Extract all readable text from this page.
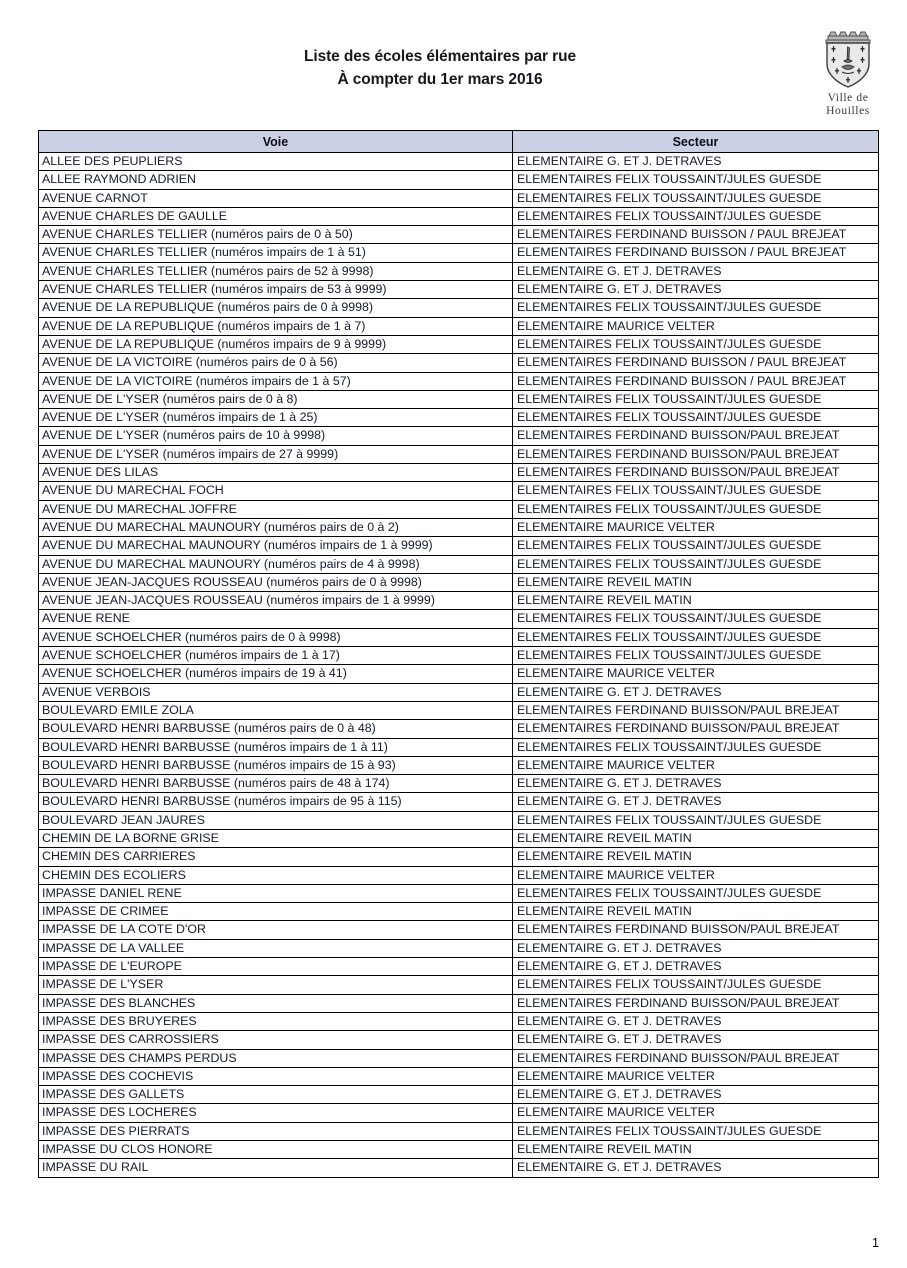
Liste des écoles élémentaires par rue
À compter du 1er mars 2016
Ville de
Houilles
Voie	Secteur
ALLEE DES PEUPLIERS	ELEMENTAIRE G. ET J. DETRAVES
ALLEE RAYMOND ADRIEN	ELEMENTAIRES FELIX TOUSSAINT/JULES GUESDE
AVENUE CARNOT	ELEMENTAIRES FELIX TOUSSAINT/JULES GUESDE
AVENUE CHARLES DE GAULLE	ELEMENTAIRES FELIX TOUSSAINT/JULES GUESDE
AVENUE CHARLES TELLIER (numéros pairs de 0 à 50)	ELEMENTAIRES FERDINAND BUISSON / PAUL BREJEAT
AVENUE CHARLES TELLIER (numéros impairs de 1 à 51)	ELEMENTAIRES FERDINAND BUISSON / PAUL BREJEAT
AVENUE CHARLES TELLIER (numéros pairs de 52 à 9998)	ELEMENTAIRE G. ET J. DETRAVES
AVENUE CHARLES TELLIER (numéros impairs de 53 à 9999)	ELEMENTAIRE G. ET J. DETRAVES
AVENUE DE LA REPUBLIQUE (numéros pairs de 0 à 9998)	ELEMENTAIRES FELIX TOUSSAINT/JULES GUESDE
AVENUE DE LA REPUBLIQUE (numéros impairs de 1 à 7)	ELEMENTAIRE MAURICE VELTER
AVENUE DE LA REPUBLIQUE (numéros impairs de 9 à 9999)	ELEMENTAIRES FELIX TOUSSAINT/JULES GUESDE
AVENUE DE LA VICTOIRE (numéros pairs de 0 à 56)	ELEMENTAIRES FERDINAND BUISSON / PAUL BREJEAT
AVENUE DE LA VICTOIRE (numéros impairs de 1 à 57)	ELEMENTAIRES FERDINAND BUISSON / PAUL BREJEAT
AVENUE DE L'YSER (numéros pairs de 0 à 8)	ELEMENTAIRES FELIX TOUSSAINT/JULES GUESDE
AVENUE DE L'YSER (numéros impairs de 1 à 25)	ELEMENTAIRES FELIX TOUSSAINT/JULES GUESDE
AVENUE DE L'YSER (numéros pairs de 10 à 9998)	ELEMENTAIRES FERDINAND BUISSON/PAUL BREJEAT
AVENUE DE L'YSER (numéros impairs de 27 à 9999)	ELEMENTAIRES FERDINAND BUISSON/PAUL BREJEAT
AVENUE DES LILAS	ELEMENTAIRES FERDINAND BUISSON/PAUL BREJEAT
AVENUE DU MARECHAL FOCH	ELEMENTAIRES FELIX TOUSSAINT/JULES GUESDE
AVENUE DU MARECHAL JOFFRE	ELEMENTAIRES FELIX TOUSSAINT/JULES GUESDE
AVENUE DU MARECHAL MAUNOURY (numéros pairs de 0 à 2)	ELEMENTAIRE MAURICE VELTER
AVENUE DU MARECHAL MAUNOURY (numéros impairs de 1 à 9999)	ELEMENTAIRES FELIX TOUSSAINT/JULES GUESDE
AVENUE DU MARECHAL MAUNOURY (numéros pairs de 4 à 9998)	ELEMENTAIRES FELIX TOUSSAINT/JULES GUESDE
AVENUE JEAN-JACQUES ROUSSEAU (numéros pairs de 0 à 9998)	ELEMENTAIRE REVEIL MATIN
AVENUE JEAN-JACQUES ROUSSEAU (numéros impairs de 1 à 9999)	ELEMENTAIRE REVEIL MATIN
AVENUE RENE	ELEMENTAIRES FELIX TOUSSAINT/JULES GUESDE
AVENUE SCHOELCHER (numéros pairs de 0 à 9998)	ELEMENTAIRES FELIX TOUSSAINT/JULES GUESDE
AVENUE SCHOELCHER (numéros impairs de 1 à 17)	ELEMENTAIRES FELIX TOUSSAINT/JULES GUESDE
AVENUE SCHOELCHER (numéros impairs de 19 à 41)	ELEMENTAIRE MAURICE VELTER
AVENUE VERBOIS	ELEMENTAIRE G. ET J. DETRAVES
BOULEVARD EMILE ZOLA	ELEMENTAIRES FERDINAND BUISSON/PAUL BREJEAT
BOULEVARD HENRI BARBUSSE (numéros pairs de 0 à 48)	ELEMENTAIRES FERDINAND BUISSON/PAUL BREJEAT
BOULEVARD HENRI BARBUSSE (numéros impairs de 1 à 11)	ELEMENTAIRES FELIX TOUSSAINT/JULES GUESDE
BOULEVARD HENRI BARBUSSE (numéros impairs de 15 à 93)	ELEMENTAIRE MAURICE VELTER
BOULEVARD HENRI BARBUSSE (numéros pairs de 48 à 174)	ELEMENTAIRE G. ET J. DETRAVES
BOULEVARD HENRI BARBUSSE (numéros impairs de 95 à 115)	ELEMENTAIRE G. ET J. DETRAVES
BOULEVARD JEAN JAURES	ELEMENTAIRES FELIX TOUSSAINT/JULES GUESDE
CHEMIN DE LA BORNE GRISE	ELEMENTAIRE REVEIL MATIN
CHEMIN DES CARRIERES	ELEMENTAIRE REVEIL MATIN
CHEMIN DES ECOLIERS	ELEMENTAIRE MAURICE VELTER
IMPASSE DANIEL RENE	ELEMENTAIRES FELIX TOUSSAINT/JULES GUESDE
IMPASSE DE CRIMEE	ELEMENTAIRE REVEIL MATIN
IMPASSE DE LA COTE D'OR	ELEMENTAIRES FERDINAND BUISSON/PAUL BREJEAT
IMPASSE DE LA VALLEE	ELEMENTAIRE G. ET J. DETRAVES
IMPASSE DE L'EUROPE	ELEMENTAIRE G. ET J. DETRAVES
IMPASSE DE L'YSER	ELEMENTAIRES FELIX TOUSSAINT/JULES GUESDE
IMPASSE DES BLANCHES	ELEMENTAIRES FERDINAND BUISSON/PAUL BREJEAT
IMPASSE DES BRUYERES	ELEMENTAIRE G. ET J. DETRAVES
IMPASSE DES CARROSSIERS	ELEMENTAIRE G. ET J. DETRAVES
IMPASSE DES CHAMPS PERDUS	ELEMENTAIRES FERDINAND BUISSON/PAUL BREJEAT
IMPASSE DES COCHEVIS	ELEMENTAIRE MAURICE VELTER
IMPASSE DES GALLETS	ELEMENTAIRE G. ET J. DETRAVES
IMPASSE DES LOCHERES	ELEMENTAIRE MAURICE VELTER
IMPASSE DES PIERRATS	ELEMENTAIRES FELIX TOUSSAINT/JULES GUESDE
IMPASSE DU CLOS HONORE	ELEMENTAIRE REVEIL MATIN
IMPASSE DU RAIL	ELEMENTAIRE G. ET J. DETRAVES
1
